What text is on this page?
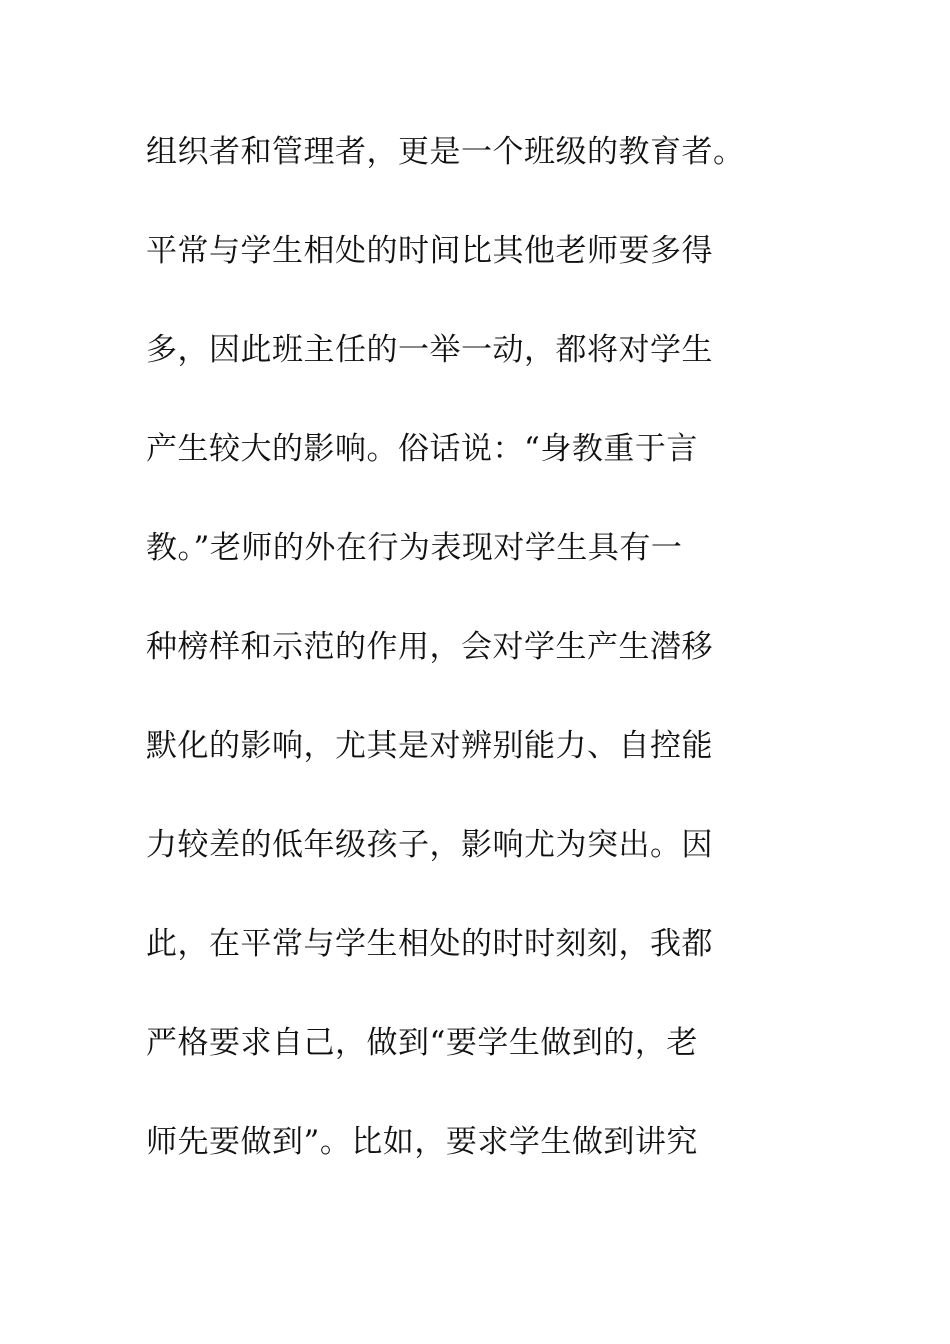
组织者和管理者，更是一个班级的教育者。
平常与学生相处的时间比其他老师要多得
多，因此班主任的一举一动，都将对学生
产生较大的影响。俗话说：“身教重于言
教。”老师的外在行为表现对学生具有一
种榜样和示范的作用，会对学生产生潜移
默化的影响，尤其是对辨别能力、自控能
力较差的低年级孩子，影响尤为突出。因
此，在平常与学生相处的时时刻刻，我都
严格要求自己，做到“要学生做到的，老
师先要做到”。比如，要求学生做到讲究
